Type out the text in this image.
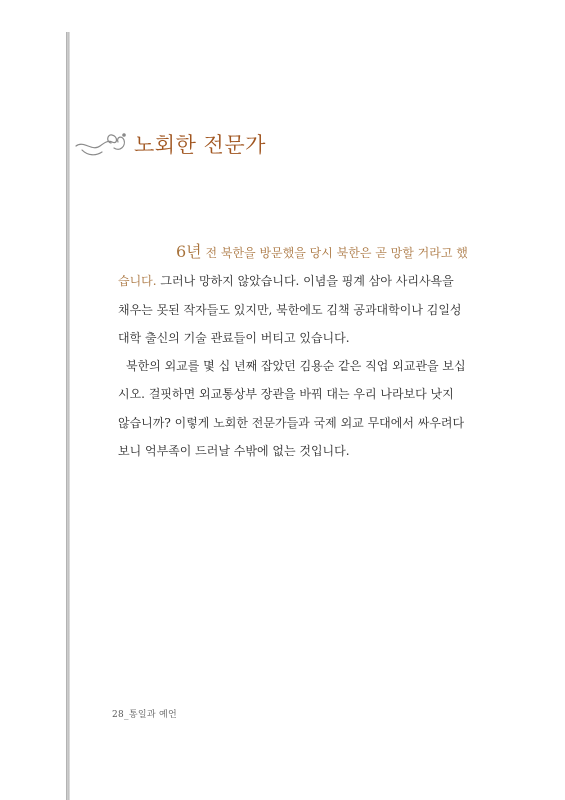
노회한 전문가

6년 전 북한을 방문했을 당시 북한은 곧 망할 거라고 했습니다. 그러나 망하지 않았습니다. 이념을 핑계 삼아 사리사욕을 채우는 못된 작자들도 있지만, 북한에도 김책 공과대학이나 김일성 대학 출신의 기술 관료들이 버티고 있습니다.

북한의 외교를 몇 십 년째 잡았던 김용순 같은 직업 외교관을 보십시오. 걸핏하면 외교통상부 장관을 바꿔 대는 우리 나라보다 낫지 않습니까? 이렇게 노회한 전문가들과 국제 외교 무대에서 싸우려다 보니 억부족이 드러날 수밖에 없는 것입니다.

28_통일과 예언
